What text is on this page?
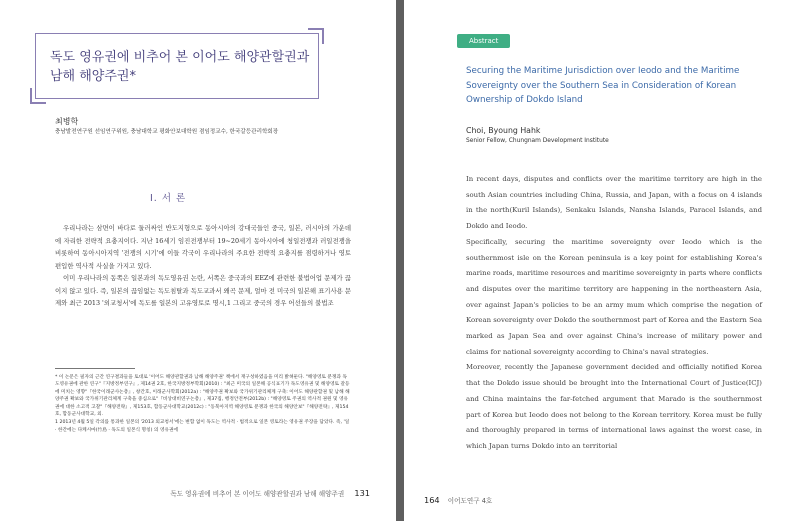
독도 영유권에 비추어 본 이어도 해양관할권과 남해 해양주권*
최병학
충남발전연구원 선임연구위원, 충남대학교 평화안보대학원 겸임정교수, 한국갈등관리학회장
Ⅰ. 서 론

우리나라는 삼면이 바다로 둘러싸인 반도지형으로 동아시아의 강대국들인 중국, 일본, 러시아의 가운데에 자리한 전략적 요충지이다. 지난 16세기 임진전쟁부터 19~20세기 동아시아에 청일전쟁과 러일전쟁을 비롯하여 동아시아지역 '전쟁의 시기'에 이들 각국이 우리나라의 주요한 전략적 요충지를 점령하거나 영토편입한 역사적 사실을 가지고 있다.

이미 우리나라의 동쪽은 일본과의 독도영유권 논란, 서쪽은 중국과의 EEZ에 관련한 불법어업 문제가 끊이지 않고 있다. 즉, 일본의 끊임없는 독도침탈과 독도교과서 왜곡 문제, 얼마 전 미국의 일본해 표기사용 문제와 최근 2013 '외교청서'에 독도를 일본의 고유영토로 명시,1 그리고 중국의 경우 어선들의 불법조

* 이 논문은 필자의 근간 연구결과들을 토대로 '이어도 해양관할권과 남해 해양주권' 책에서 재구성하였음을 미리 밝혀둔다. "해양영토 분쟁과 독도영유권에 관한 연구"『지방정부연구』, 제14권 2호, 한국지방정부학회(2010) : "최근 미국의 일본해 공식표기가 독도영유권 및 해양영토 갈등에 미치는 영향"『한국이래군사논총』, 창간호, 이래군사학회(2012a) : "해양주권 확보와 국가위기관리체계 구축: 이어도 해양관할권 및 남해 해양주권 확보와 국가위기관리체계 구축을 중심으로"『비상대비연구논총』, 제37집, 행정안전부(2012b) : "해양영토 주권의 역사적 권원 및 영유권에 대한 소고적 고찰"『해양전략』, 제153호, 합동군사대학교(2012c) : "동북아지역 해양영토 분쟁과 한국의 해양안보"『해양전략』, 제154호, 합동군사대학교, 외.

1 2013년 4월 5일 각의를 통과한 일본의 '2013 외교청서'에는 변함 없이 독도는 역사적 · 법적으로 일본 영토라는 영유권 주장을 담았다. 즉, '일 · 한간에는 다케시마(竹島 · 독도의 일본식 명칭) 의 영유권에

독도 영유권에 비추어 본 이어도 해양관할권과 남해 해양주권 131
Abstract
Securing the Maritime Jurisdiction over Ieodo and the Maritime Sovereignty over the Southern Sea in Consideration of Korean Ownership of Dokdo Island
Choi, Byoung Hahk
Senior Fellow, Chungnam Development Institute

In recent days, disputes and conflicts over the maritime territory are high in the south Asian countries including China, Russia, and Japan, with a focus on 4 islands in the north(Kuril Islands), Senkaku Islands, Nansha Islands, Paracel Islands, and Dokdo and Ieodo.

Specifically, securing the maritime sovereignty over Ieodo which is the southernmost isle on the Korean peninsula is a key point for establishing Korea's marine roads, maritime resources and maritime sovereignty in parts where conflicts and disputes over the maritime territory are happening in the northeastern Asia, over against Japan's policies to be an army mum which comprise the negation of Korean sovereignty over Dokdo the southernmost part of Korea and the Eastern Sea marked as Japan Sea and over against China's increase of military power and claims for national sovereignty according to China's naval strategies.

Moreover, recently the Japanese government decided and officially notified Korea that the Dokdo issue should be brought into the International Court of Justice(ICJ) and China maintains the far-fetched argument that Marado is the southernmost part of Korea but Ieodo does not belong to the Korean territory. Korea must be fully and thoroughly prepared in terms of international laws against the worst case, in which Japan turns Dokdo into an territorial

164 이어도연구 4호
